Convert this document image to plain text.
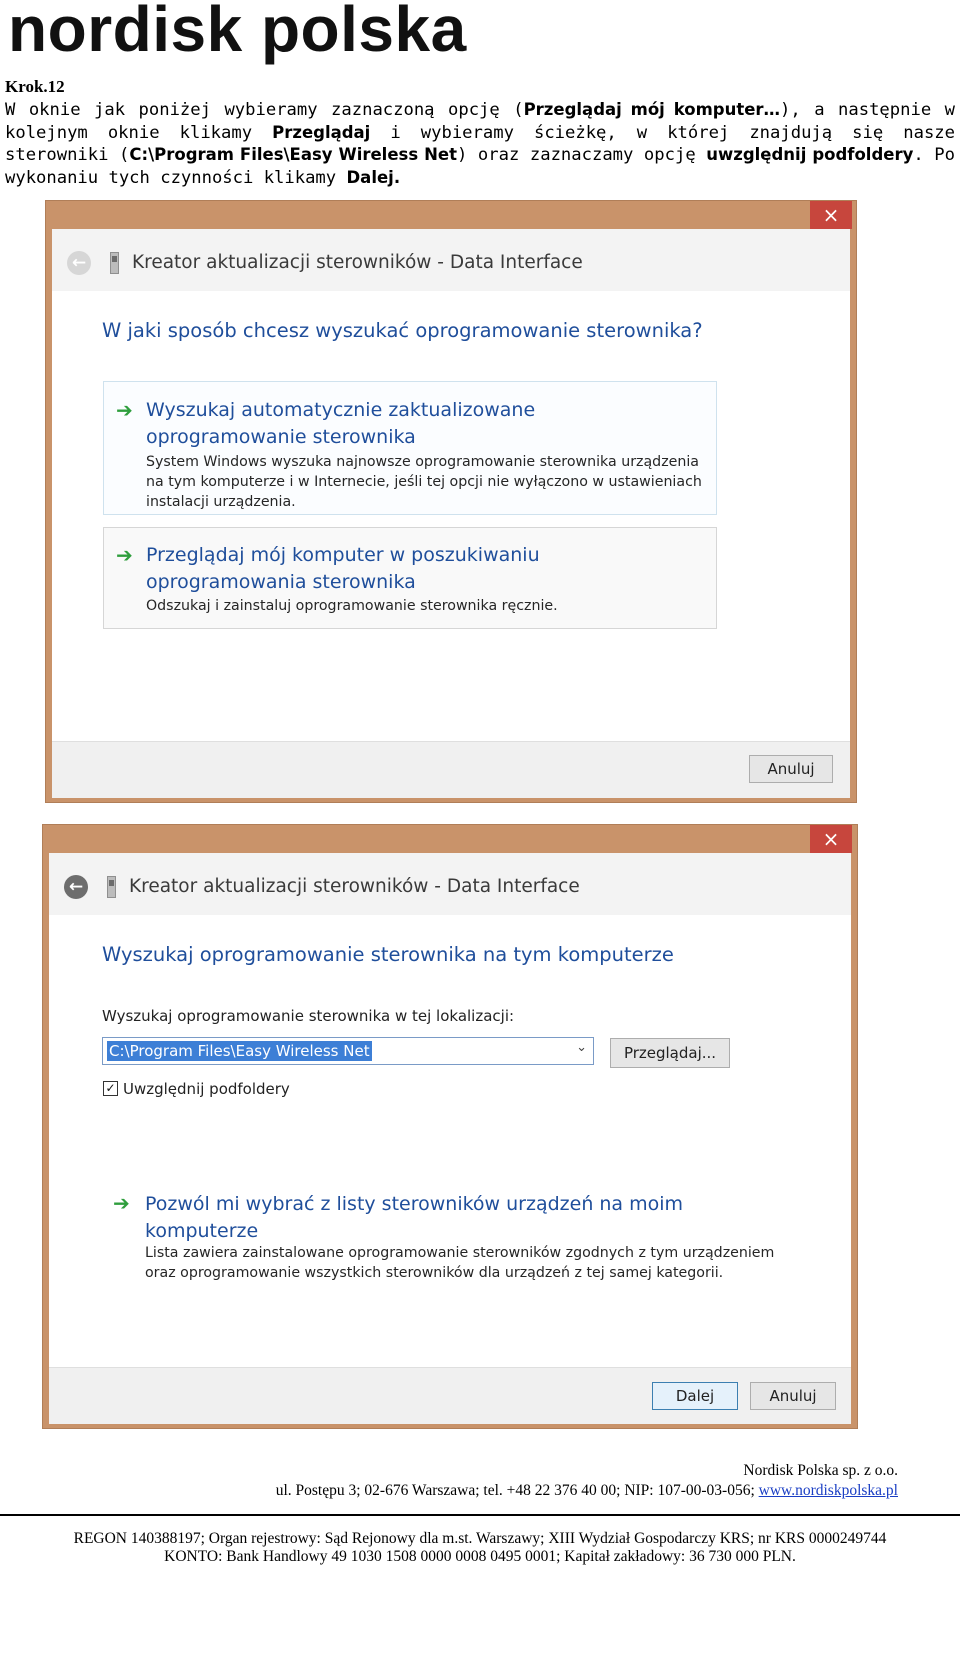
nordisk polska
Krok.12

W oknie jak poniżej wybieramy zaznaczoną opcję (Przeglądaj mój komputer…), a następnie w kolejnym oknie klikamy Przeglądaj i wybieramy ścieżkę, w której znajdują się nasze sterowniki (C:\Program Files\Easy Wireless Net) oraz zaznaczamy opcję uwzględnij podfoldery. Po wykonaniu tych czynności klikamy Dalej.

×
← Kreator aktualizacji sterowników - Data Interface
W jaki sposób chcesz wyszukać oprogramowanie sterownika?
➔ Wyszukaj automatycznie zaktualizowane oprogramowanie sterownika
System Windows wyszuka najnowsze oprogramowanie sterownika urządzenia na tym komputerze i w Internecie, jeśli tej opcji nie wyłączono w ustawieniach instalacji urządzenia.
➔ Przeglądaj mój komputer w poszukiwaniu oprogramowania sterownika
Odszukaj i zainstaluj oprogramowanie sterownika ręcznie.
Anuluj
×
← Kreator aktualizacji sterowników - Data Interface
Wyszukaj oprogramowanie sterownika na tym komputerze
Wyszukaj oprogramowanie sterownika w tej lokalizacji:
C:\Program Files\Easy Wireless Net	⌄	Przeglądaj...
✓ Uwzględnij podfoldery
➔ Pozwól mi wybrać z listy sterowników urządzeń na moim komputerze
Lista zawiera zainstalowane oprogramowanie sterowników zgodnych z tym urządzeniem oraz oprogramowanie wszystkich sterowników dla urządzeń z tej samej kategorii.
Dalej	Anuluj
Nordisk Polska sp. z o.o.
ul. Postępu 3; 02-676 Warszawa; tel. +48 22 376 40 00; NIP: 107-00-03-056; www.nordiskpolska.pl
REGON 140388197; Organ rejestrowy: Sąd Rejonowy dla m.st. Warszawy; XIII Wydział Gospodarczy KRS; nr KRS 0000249744
KONTO: Bank Handlowy 49 1030 1508 0000 0008 0495 0001; Kapitał zakładowy: 36 730 000 PLN.
